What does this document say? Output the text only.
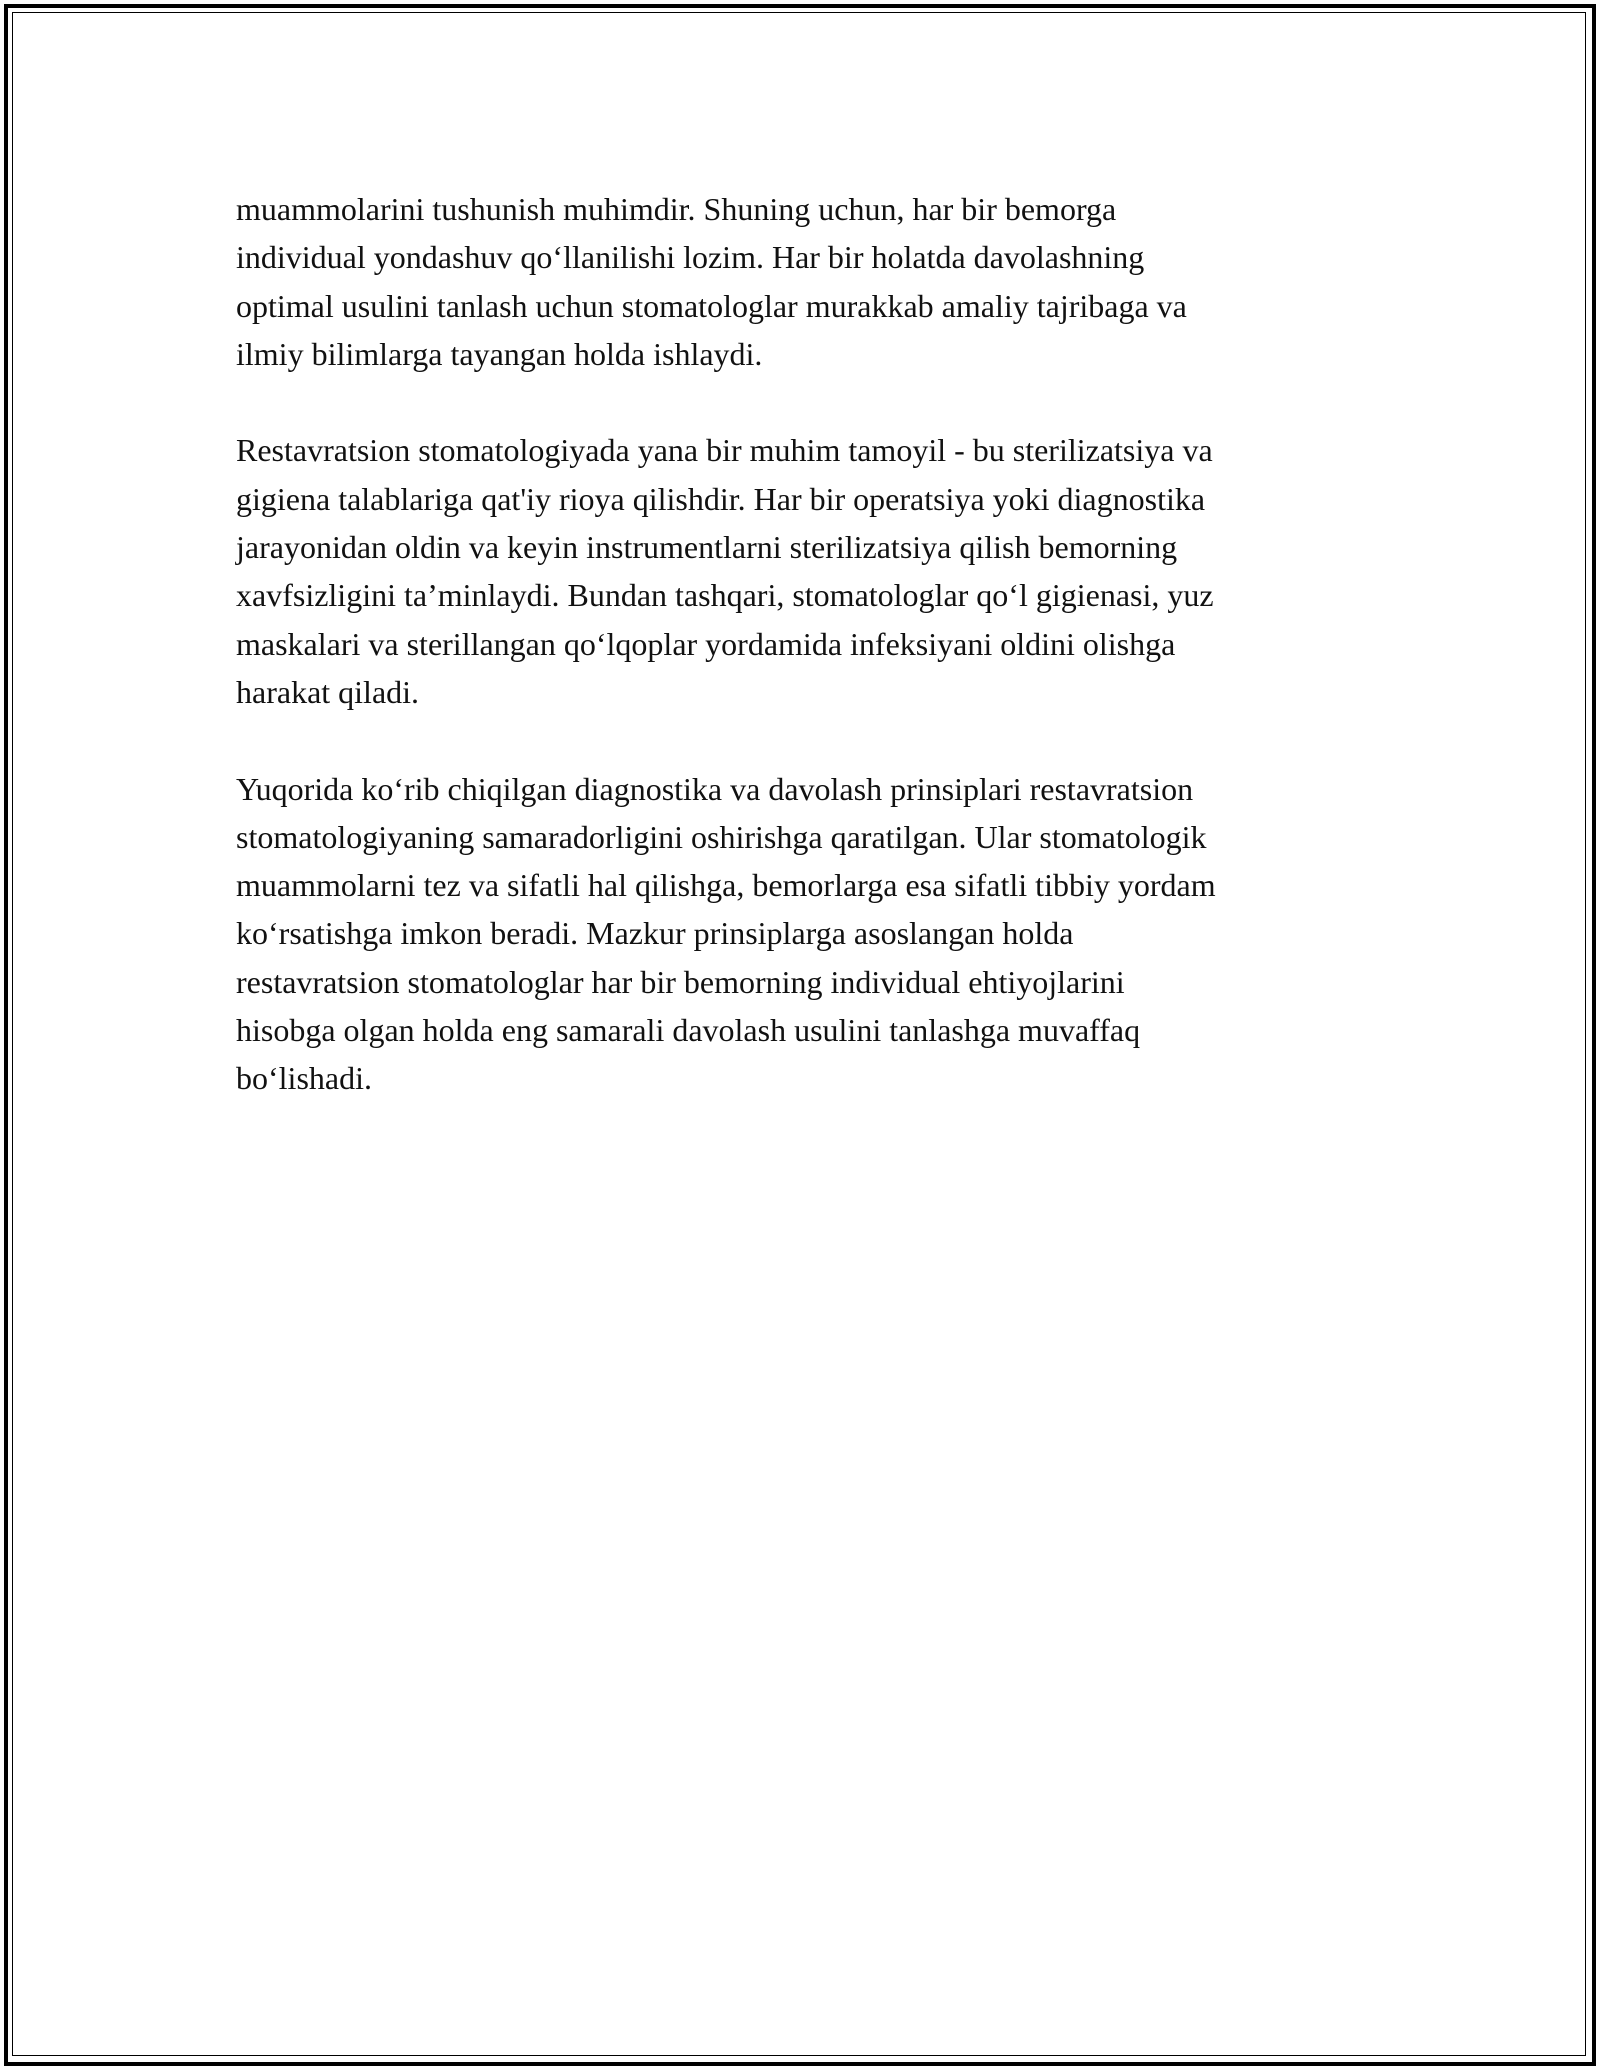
muammolarini tushunish muhimdir. Shuning uchun, har bir bemorga
individual yondashuv qo‘llanilishi lozim. Har bir holatda davolashning
optimal usulini tanlash uchun stomatologlar murakkab amaliy tajribaga va
ilmiy bilimlarga tayangan holda ishlaydi.

Restavratsion stomatologiyada yana bir muhim tamoyil - bu sterilizatsiya va
gigiena talablariga qat'iy rioya qilishdir. Har bir operatsiya yoki diagnostika
jarayonidan oldin va keyin instrumentlarni sterilizatsiya qilish bemorning
xavfsizligini ta’minlaydi. Bundan tashqari, stomatologlar qo‘l gigienasi, yuz
maskalari va sterillangan qo‘lqoplar yordamida infeksiyani oldini olishga
harakat qiladi.

Yuqorida ko‘rib chiqilgan diagnostika va davolash prinsiplari restavratsion
stomatologiyaning samaradorligini oshirishga qaratilgan. Ular stomatologik
muammolarni tez va sifatli hal qilishga, bemorlarga esa sifatli tibbiy yordam
ko‘rsatishga imkon beradi. Mazkur prinsiplarga asoslangan holda
restavratsion stomatologlar har bir bemorning individual ehtiyojlarini
hisobga olgan holda eng samarali davolash usulini tanlashga muvaffaq
bo‘lishadi.
